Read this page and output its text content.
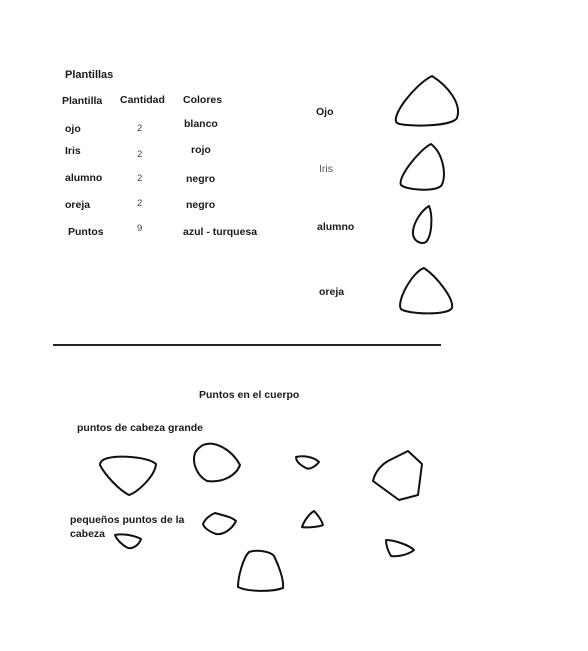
Plantillas
Plantilla Cantidad Colores
ojo	2	blanco
Iris	2	rojo
alumno	2	negro
oreja	2	negro
Puntos	9	azul - turquesa
Ojo
Iris
alumno
oreja
Puntos en el cuerpo
puntos de cabeza grande
pequeños puntos de la cabeza
